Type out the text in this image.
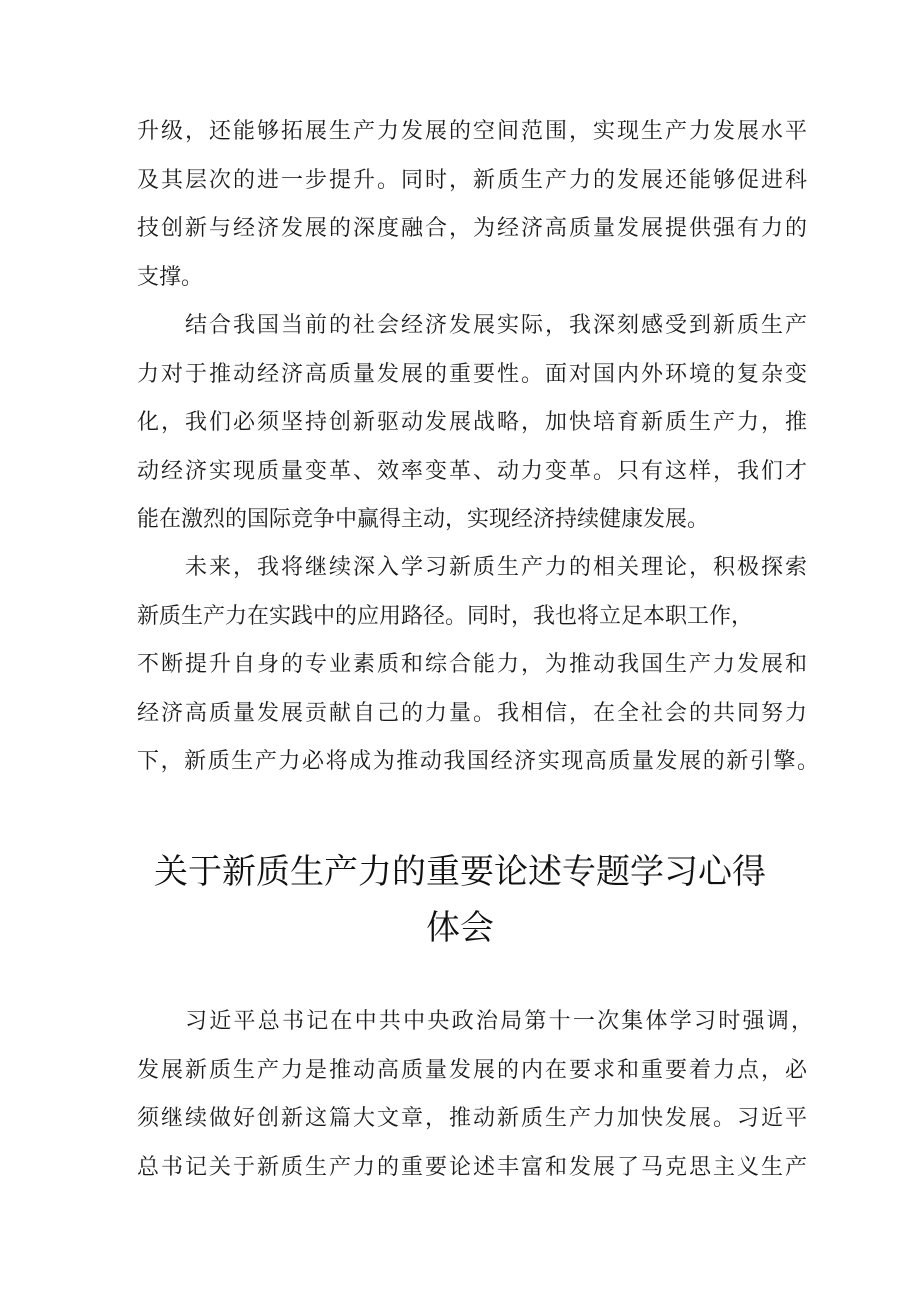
升级，还能够拓展生产力发展的空间范围，实现生产力发展水平
及其层次的进一步提升。同时，新质生产力的发展还能够促进科
技创新与经济发展的深度融合，为经济高质量发展提供强有力的
支撑。
结合我国当前的社会经济发展实际，我深刻感受到新质生产
力对于推动经济高质量发展的重要性。面对国内外环境的复杂变
化，我们必须坚持创新驱动发展战略，加快培育新质生产力，推
动经济实现质量变革、效率变革、动力变革。只有这样，我们才
能在激烈的国际竞争中赢得主动，实现经济持续健康发展。
未来，我将继续深入学习新质生产力的相关理论，积极探索
新质生产力在实践中的应用路径。同时，我也将立足本职工作，
不断提升自身的专业素质和综合能力，为推动我国生产力发展和
经济高质量发展贡献自己的力量。我相信，在全社会的共同努力
下，新质生产力必将成为推动我国经济实现高质量发展的新引擎。
关于新质生产力的重要论述专题学习心得
体会
习近平总书记在中共中央政治局第十一次集体学习时强调，
发展新质生产力是推动高质量发展的内在要求和重要着力点，必
须继续做好创新这篇大文章，推动新质生产力加快发展。习近平
总书记关于新质生产力的重要论述丰富和发展了马克思主义生产
